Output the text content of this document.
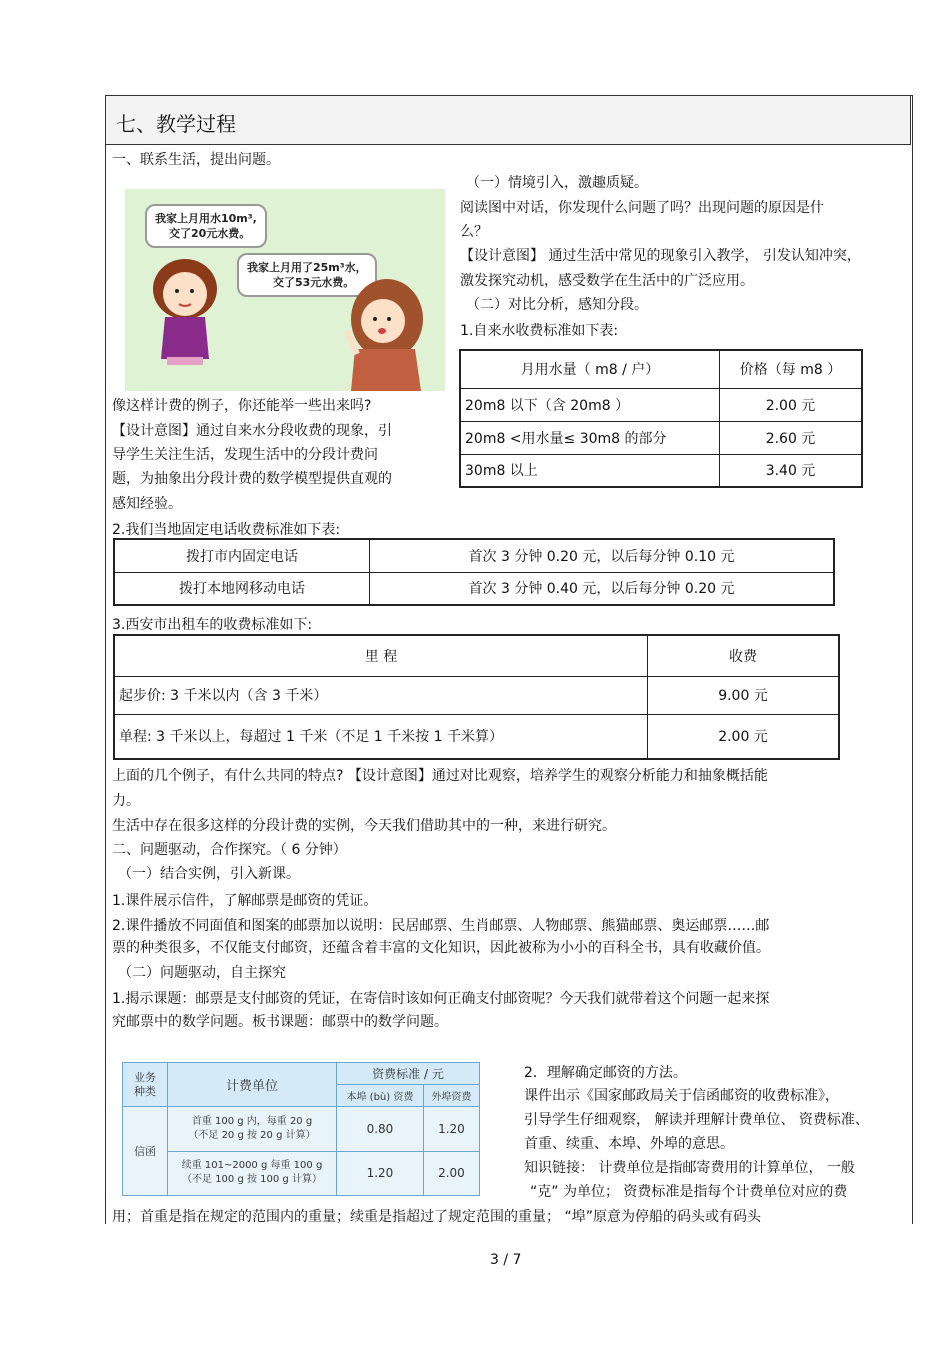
七、教学过程
一、联系生活，提出问题。
我家上月用水10m³,
交了20元水费。
我家上月用了25m³水，
交了53元水费。
（一）情境引入，激趣质疑。
阅读图中对话，你发现什么问题了吗？出现问题的原因是什
么？
【设计意图】 通过生活中常见的现象引入教学， 引发认知冲突，
激发探究动机，感受数学在生活中的广泛应用。
（二）对比分析，感知分段。
1.自来水收费标准如下表:
月用水量（ m8 / 户）	价格（每 m8 ）
20m8 以下（含 20m8 ）	2.00 元
20m8 <用水量≤ 30m8 的部分	2.60 元
30m8 以上	3.40 元
像这样计费的例子，你还能举一些出来吗?
【设计意图】通过自来水分段收费的现象，引
导学生关注生活，发现生活中的分段计费问
题，为抽象出分段计费的数学模型提供直观的
感知经验。
2.我们当地固定电话收费标准如下表:
拨打市内固定电话	首次 3 分钟 0.20 元，以后每分钟 0.10 元
拨打本地网移动电话	首次 3 分钟 0.40 元，以后每分钟 0.20 元
3.西安市出租车的收费标准如下:
里 程	收费
起步价: 3 千米以内（含 3 千米）	9.00 元
单程: 3 千米以上，每超过 1 千米（不足 1 千米按 1 千米算）	2.00 元
上面的几个例子，有什么共同的特点? 【设计意图】通过对比观察，培养学生的观察分析能力和抽象概括能
力。
生活中存在很多这样的分段计费的实例，今天我们借助其中的一种，来进行研究。
二、问题驱动，合作探究。（ 6 分钟）
（一）结合实例，引入新课。
1.课件展示信件，了解邮票是邮资的凭证。
2.课件播放不同面值和图案的邮票加以说明：民居邮票、生肖邮票、人物邮票、熊猫邮票、奥运邮票……邮
票的种类很多，不仅能支付邮资，还蕴含着丰富的文化知识，因此被称为小小的百科全书，具有收藏价值。
（二）问题驱动，自主探究
1.揭示课题：邮票是支付邮资的凭证，在寄信时该如何正确支付邮资呢？今天我们就带着这个问题一起来探
究邮票中的数学问题。板书课题：邮票中的数学问题。
业务
种类	计费单位	资费标准 / 元	
		本埠 (bù) 资费	外埠资费
信函	首重 100 g 内，每重 20 g
（不足 20 g 按 20 g 计算）	0.80	1.20

	续重 101~2000 g 每重 100 g
（不足 100 g 按 100 g 计算）	1.20	2.00
2．理解确定邮资的方法。
课件出示《国家邮政局关于信函邮资的收费标准》，
引导学生仔细观察， 解读并理解计费单位、 资费标准、
首重、续重、本埠、外埠的意思。
知识链接： 计费单位是指邮寄费用的计算单位， 一般
“克” 为单位； 资费标准是指每个计费单位对应的费
用；首重是指在规定的范围内的重量；续重是指超过了规定范围的重量； “埠”原意为停船的码头或有码头
3 / 7
